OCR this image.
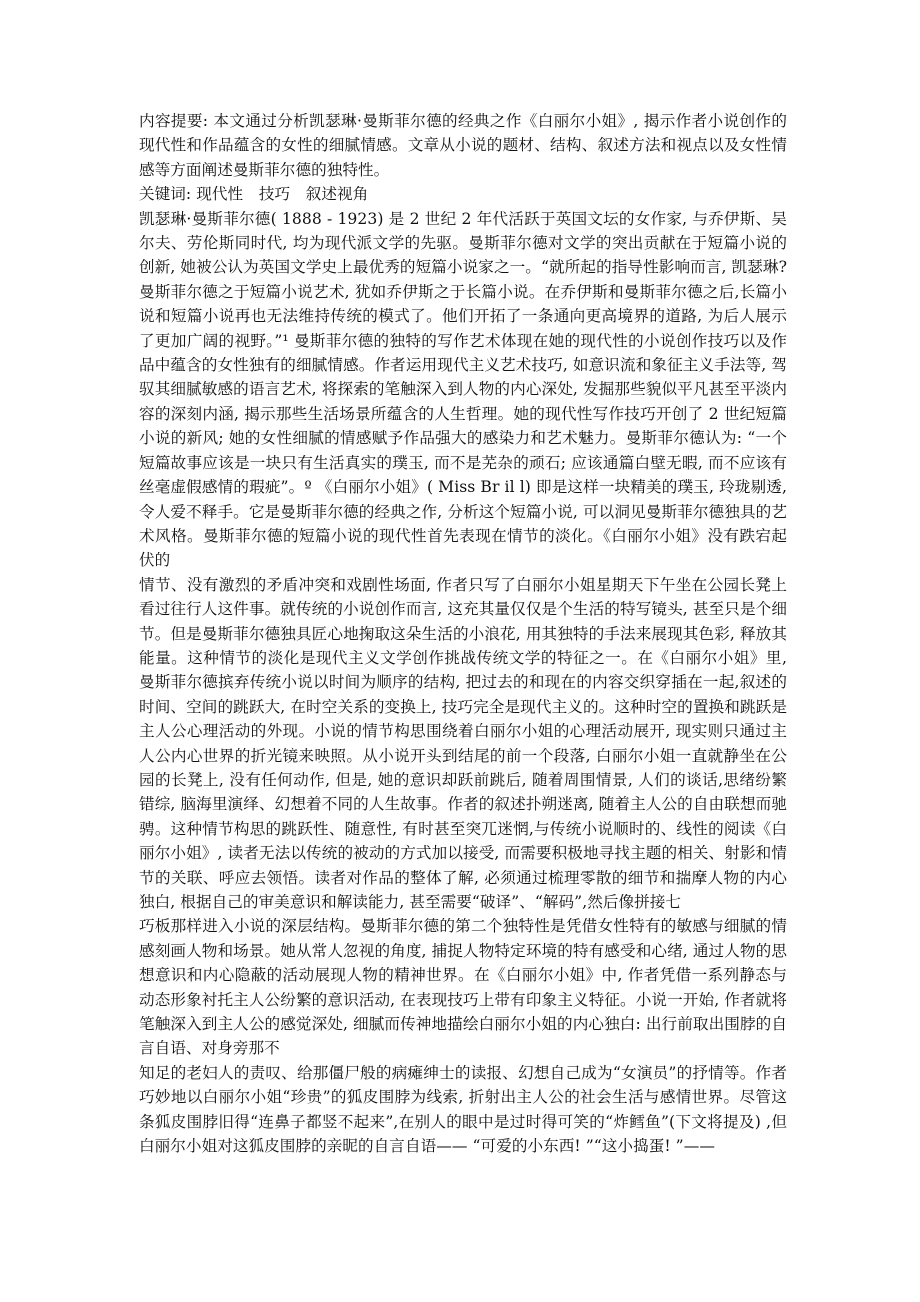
内容提要: 本文通过分析凯瑟琳·曼斯菲尔德的经典之作《白丽尔小姐》, 揭示作者小说创作的现代性和作品蕴含的女性的细腻情感。文章从小说的题材、结构、叙述方法和视点以及女性情感等方面阐述曼斯菲尔德的独特性。

关键词: 现代性　技巧　叙述视角

凯瑟琳·曼斯菲尔德( 1888 - 1923) 是 2 世纪 2 年代活跃于英国文坛的女作家, 与乔伊斯、吴尔夫、劳伦斯同时代, 均为现代派文学的先驱。曼斯菲尔德对文学的突出贡献在于短篇小说的创新, 她被公认为英国文学史上最优秀的短篇小说家之一。“就所起的指导性影响而言, 凯瑟琳?曼斯菲尔德之于短篇小说艺术, 犹如乔伊斯之于长篇小说。在乔伊斯和曼斯菲尔德之后,长篇小说和短篇小说再也无法维持传统的模式了。他们开拓了一条通向更高境界的道路, 为后人展示了更加广阔的视野。”¹ 曼斯菲尔德的独特的写作艺术体现在她的现代性的小说创作技巧以及作品中蕴含的女性独有的细腻情感。作者运用现代主义艺术技巧, 如意识流和象征主义手法等, 驾驭其细腻敏感的语言艺术, 将探索的笔触深入到人物的内心深处, 发掘那些貌似平凡甚至平淡内容的深刻内涵, 揭示那些生活场景所蕴含的人生哲理。她的现代性写作技巧开创了 2 世纪短篇小说的新风; 她的女性细腻的情感赋予作品强大的感染力和艺术魅力。曼斯菲尔德认为: “一个短篇故事应该是一块只有生活真实的璞玉, 而不是芜杂的顽石; 应该通篇白壁无暇, 而不应该有丝毫虚假感情的瑕疵”。º 《白丽尔小姐》( Miss Br il l) 即是这样一块精美的璞玉, 玲珑剔透, 令人爱不释手。它是曼斯菲尔德的经典之作, 分析这个短篇小说, 可以洞见曼斯菲尔德独具的艺术风格。曼斯菲尔德的短篇小说的现代性首先表现在情节的淡化。《白丽尔小姐》没有跌宕起伏的

情节、没有激烈的矛盾冲突和戏剧性场面, 作者只写了白丽尔小姐星期天下午坐在公园长凳上看过往行人这件事。就传统的小说创作而言, 这充其量仅仅是个生活的特写镜头, 甚至只是个细节。但是曼斯菲尔德独具匠心地掬取这朵生活的小浪花, 用其独特的手法来展现其色彩, 释放其能量。这种情节的淡化是现代主义文学创作挑战传统文学的特征之一。在《白丽尔小姐》里, 曼斯菲尔德摈弃传统小说以时间为顺序的结构, 把过去的和现在的内容交织穿插在一起,叙述的时间、空间的跳跃大, 在时空关系的变换上, 技巧完全是现代主义的。这种时空的置换和跳跃是主人公心理活动的外现。小说的情节构思围绕着白丽尔小姐的心理活动展开, 现实则只通过主人公内心世界的折光镜来映照。从小说开头到结尾的前一个段落, 白丽尔小姐一直就静坐在公园的长凳上, 没有任何动作, 但是, 她的意识却跃前跳后, 随着周围情景, 人们的谈话,思绪纷繁错综, 脑海里演绎、幻想着不同的人生故事。作者的叙述扑朔迷离, 随着主人公的自由联想而驰骋。这种情节构思的跳跃性、随意性, 有时甚至突兀迷惘,与传统小说顺时的、线性的阅读《白丽尔小姐》, 读者无法以传统的被动的方式加以接受, 而需要积极地寻找主题的相关、射影和情节的关联、呼应去领悟。读者对作品的整体了解, 必须通过梳理零散的细节和揣摩人物的内心独白, 根据自己的审美意识和解读能力, 甚至需要“破译”、“解码”,然后像拼接七

巧板那样进入小说的深层结构。曼斯菲尔德的第二个独特性是凭借女性特有的敏感与细腻的情感刻画人物和场景。她从常人忽视的角度, 捕捉人物特定环境的特有感受和心绪, 通过人物的思想意识和内心隐蔽的活动展现人物的精神世界。在《白丽尔小姐》中, 作者凭借一系列静态与动态形象衬托主人公纷繁的意识活动, 在表现技巧上带有印象主义特征。小说一开始, 作者就将笔触深入到主人公的感觉深处, 细腻而传神地描绘白丽尔小姐的内心独白: 出行前取出围脖的自言自语、对身旁那不

知足的老妇人的责叹、给那僵尸般的病瘫绅士的读报、幻想自己成为“女演员”的抒情等。作者巧妙地以白丽尔小姐“珍贵”的狐皮围脖为线索, 折射出主人公的社会生活与感情世界。尽管这条狐皮围脖旧得“连鼻子都竖不起来”,在别人的眼中是过时得可笑的“炸鳕鱼”(下文将提及) ,但白丽尔小姐对这狐皮围脖的亲昵的自言自语—— “可爱的小东西! ”“这小捣蛋! ”——
